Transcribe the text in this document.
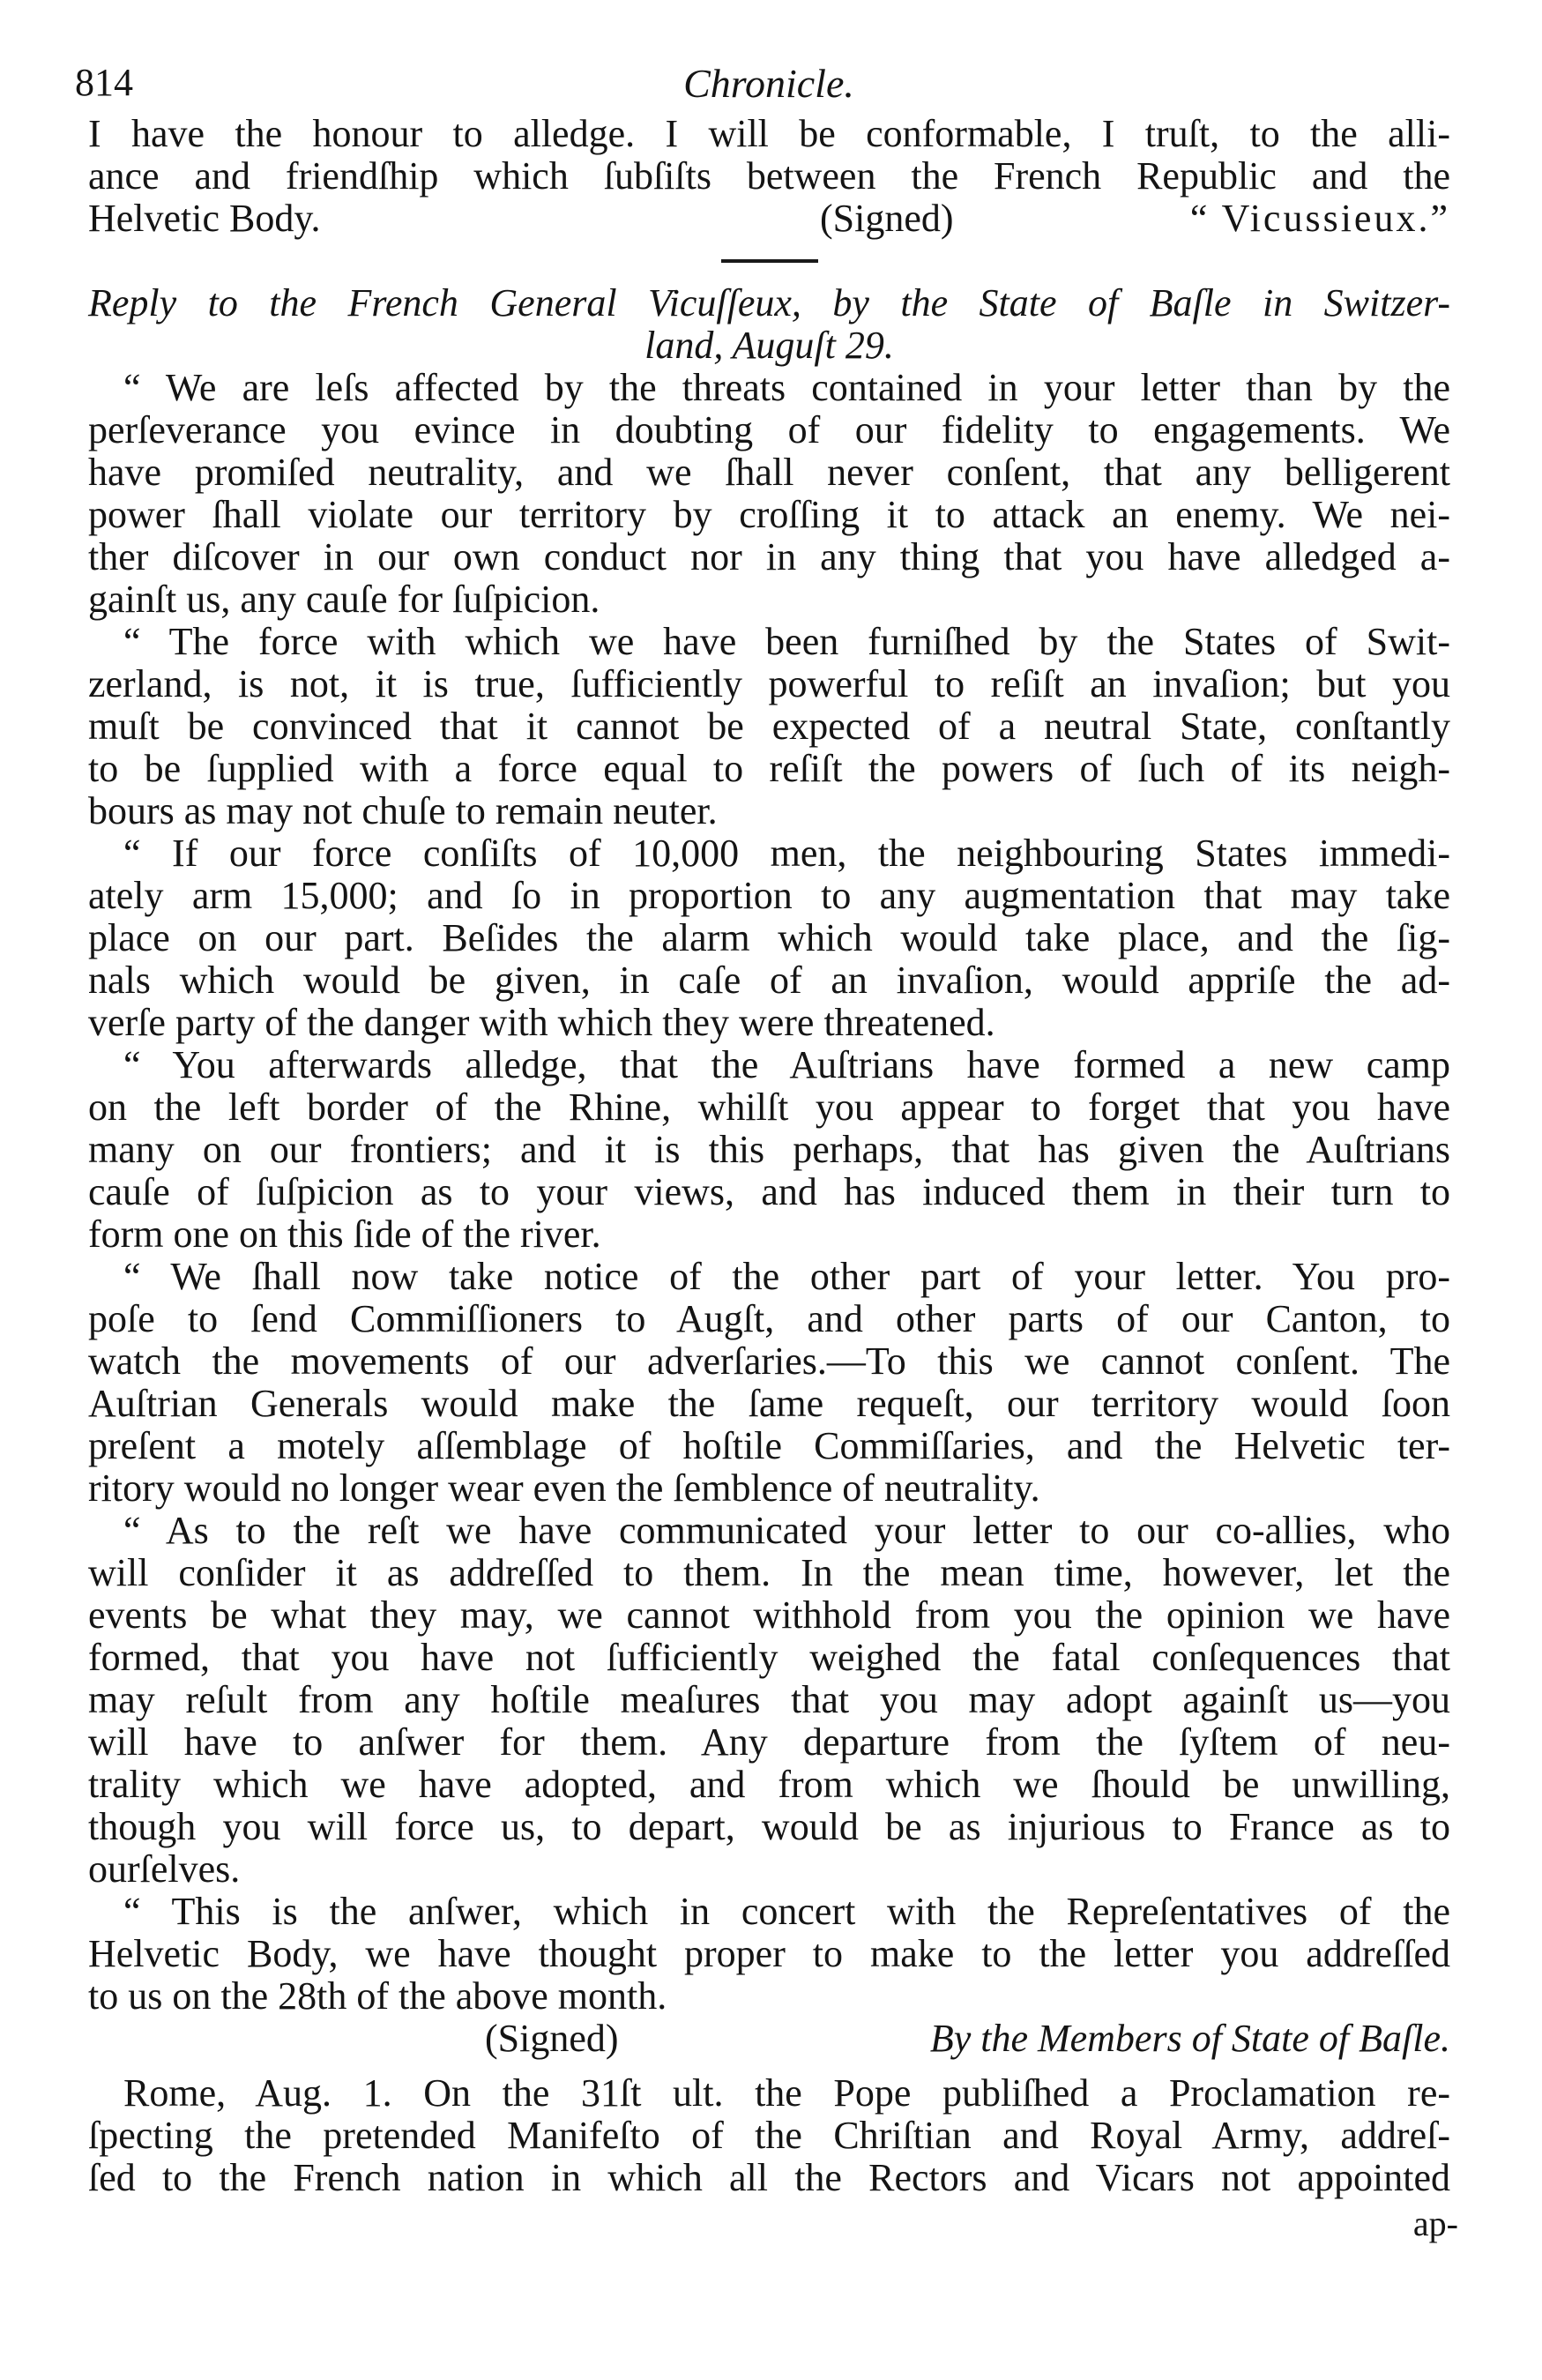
814	Chronicle.
I have the honour to alledge. I will be conformable, I truſt, to the alli-
ance and friendſhip which ſubſiſts between the French Republic and the
Helvetic Body.	(Signed)	“ Vicussieux.”
Reply to the French General Vicuſſeux, by the State of Baſle in Switzer-
land, Auguſt 29.
“ We are leſs affected by the threats contained in your letter than by the
perſeverance you evince in doubting of our fidelity to engagements. We
have promiſed neutrality, and we ſhall never conſent, that any belligerent
power ſhall violate our territory by croſſing it to attack an enemy. We nei-
ther diſcover in our own conduct nor in any thing that you have alledged a-
gainſt us, any cauſe for ſuſpicion.
“ The force with which we have been furniſhed by the States of Swit-
zerland, is not, it is true, ſufficiently powerful to reſiſt an invaſion; but you
muſt be convinced that it cannot be expected of a neutral State, conſtantly
to be ſupplied with a force equal to reſiſt the powers of ſuch of its neigh-
bours as may not chuſe to remain neuter.
“ If our force conſiſts of 10,000 men, the neighbouring States immedi-
ately arm 15,000; and ſo in proportion to any augmentation that may take
place on our part. Beſides the alarm which would take place, and the ſig-
nals which would be given, in caſe of an invaſion, would appriſe the ad-
verſe party of the danger with which they were threatened.
“ You afterwards alledge, that the Auſtrians have formed a new camp
on the left border of the Rhine, whilſt you appear to forget that you have
many on our frontiers; and it is this perhaps, that has given the Auſtrians
cauſe of ſuſpicion as to your views, and has induced them in their turn to
form one on this ſide of the river.
“ We ſhall now take notice of the other part of your letter. You pro-
poſe to ſend Commiſſioners to Augſt, and other parts of our Canton, to
watch the movements of our adverſaries.—To this we cannot conſent. The
Auſtrian Generals would make the ſame requeſt, our territory would ſoon
preſent a motely aſſemblage of hoſtile Commiſſaries, and the Helvetic ter-
ritory would no longer wear even the ſemblence of neutrality.
“ As to the reſt we have communicated your letter to our co-allies, who
will conſider it as addreſſed to them. In the mean time, however, let the
events be what they may, we cannot withhold from you the opinion we have
formed, that you have not ſufficiently weighed the fatal conſequences that
may reſult from any hoſtile meaſures that you may adopt againſt us—you
will have to anſwer for them. Any departure from the ſyſtem of neu-
trality which we have adopted, and from which we ſhould be unwilling,
though you will force us, to depart, would be as injurious to France as to
ourſelves.
“ This is the anſwer, which in concert with the Repreſentatives of the
Helvetic Body, we have thought proper to make to the letter you addreſſed
to us on the 28th of the above month.
(Signed)	By the Members of State of Baſle.
Rome, Aug. 1. On the 31ſt ult. the Pope publiſhed a Proclamation re-
ſpecting the pretended Manifeſto of the Chriſtian and Royal Army, addreſ-
ſed to the French nation in which all the Rectors and Vicars not appointed
ap-
